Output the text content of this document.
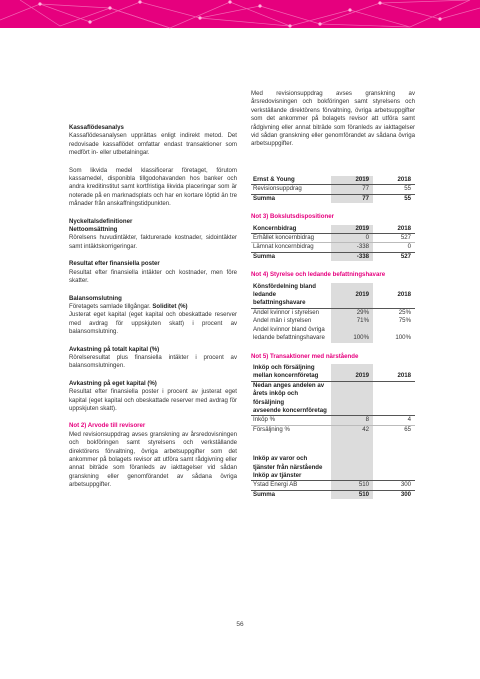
Kassaflödesanalys
Kassaflödesanalysen upprättas enligt indirekt metod. Det redovisade kassaflödet omfattar endast transaktioner som medfört in- eller utbetalningar.
Som likvida medel klassificerar företaget, förutom kassamedel, disponibla tillgodohavanden hos banker och andra kreditinstitut samt kortfristiga likvida placeringar som är noterade på en marknadsplats och har en kortare löptid än tre månader från anskaffningstidpunkten.
Nyckeltalsdefinitioner
Nettoomsättning
Rörelsens huvudintäkter, fakturerade kostnader, sidointäkter samt intäktskorrigeringar.
Resultat efter finansiella poster
Resultat efter finansiella intäkter och kostnader, men före skatter.
Balansomslutning
Företagets samlade tillgångar. Soliditet (%)
Justerat eget kapital (eget kapital och obeskattade reserver med avdrag för uppskjuten skatt) i procent av balansomslutning.
Avkastning på totalt kapital (%)
Rörelseresultat plus finansiella intäkter i procent av balansomslutningen.
Avkastning på eget kapital (%)
Resultat efter finansiella poster i procent av justerat eget kapital (eget kapital och obeskattade reserver med avdrag för uppskjuten skatt).
Not 2) Arvode till revisorer
Med revisionsuppdrag avses granskning av årsredovisningen och bokföringen samt styrelsens och verkställande direktörens förvaltning, övriga arbetsuppgifter som det ankommer på bolagets revisor att utföra samt rådgivning eller annat biträde som föranleds av iakttagelser vid sådan granskning eller genomförandet av sådana övriga arbetsuppgifter.
Med revisionsuppdrag avses granskning av årsredovisningen och bokföringen samt styrelsens och verkställande direktörens förvaltning, övriga arbetsuppgifter som det ankommer på bolagets revisor att utföra samt rådgivning eller annat biträde som föranleds av iakttagelser vid sådan granskning eller genomförandet av sådana övriga arbetsuppgifter.
Ernst & Young	2019	2018
Revisionsuppdrag	77	55
Summa	77	55
Not 3) Bokslutsdispositioner
Koncernbidrag	2019	2018
Erhållet koncernbidrag	0	527
Lämnat koncernbidrag	-338	0
Summa	-338	527
Not 4) Styrelse och ledande befattningshavare
Könsfördelning bland		
ledande befattningshavare	2019	2018
Andel kvinnor i styrelsen	29%	25%
Andel män i styrelsen	71%	75%
Andel kvinnor bland övriga		
ledande befattningshavare	100%	100%
Not 5) Transaktioner med närstående
Inköp och försäljning		
mellan koncernföretag	2019	2018
Nedan anges andelen av		
årets inköp och försäljning		
avseende koncernföretag		
Inköp %	8	4
Försäljning %	42	65

Inköp av varor och		
tjänster från närstående		
Inköp av tjänster		
Ystad Energi AB	510	300
Summa	510	300
56
